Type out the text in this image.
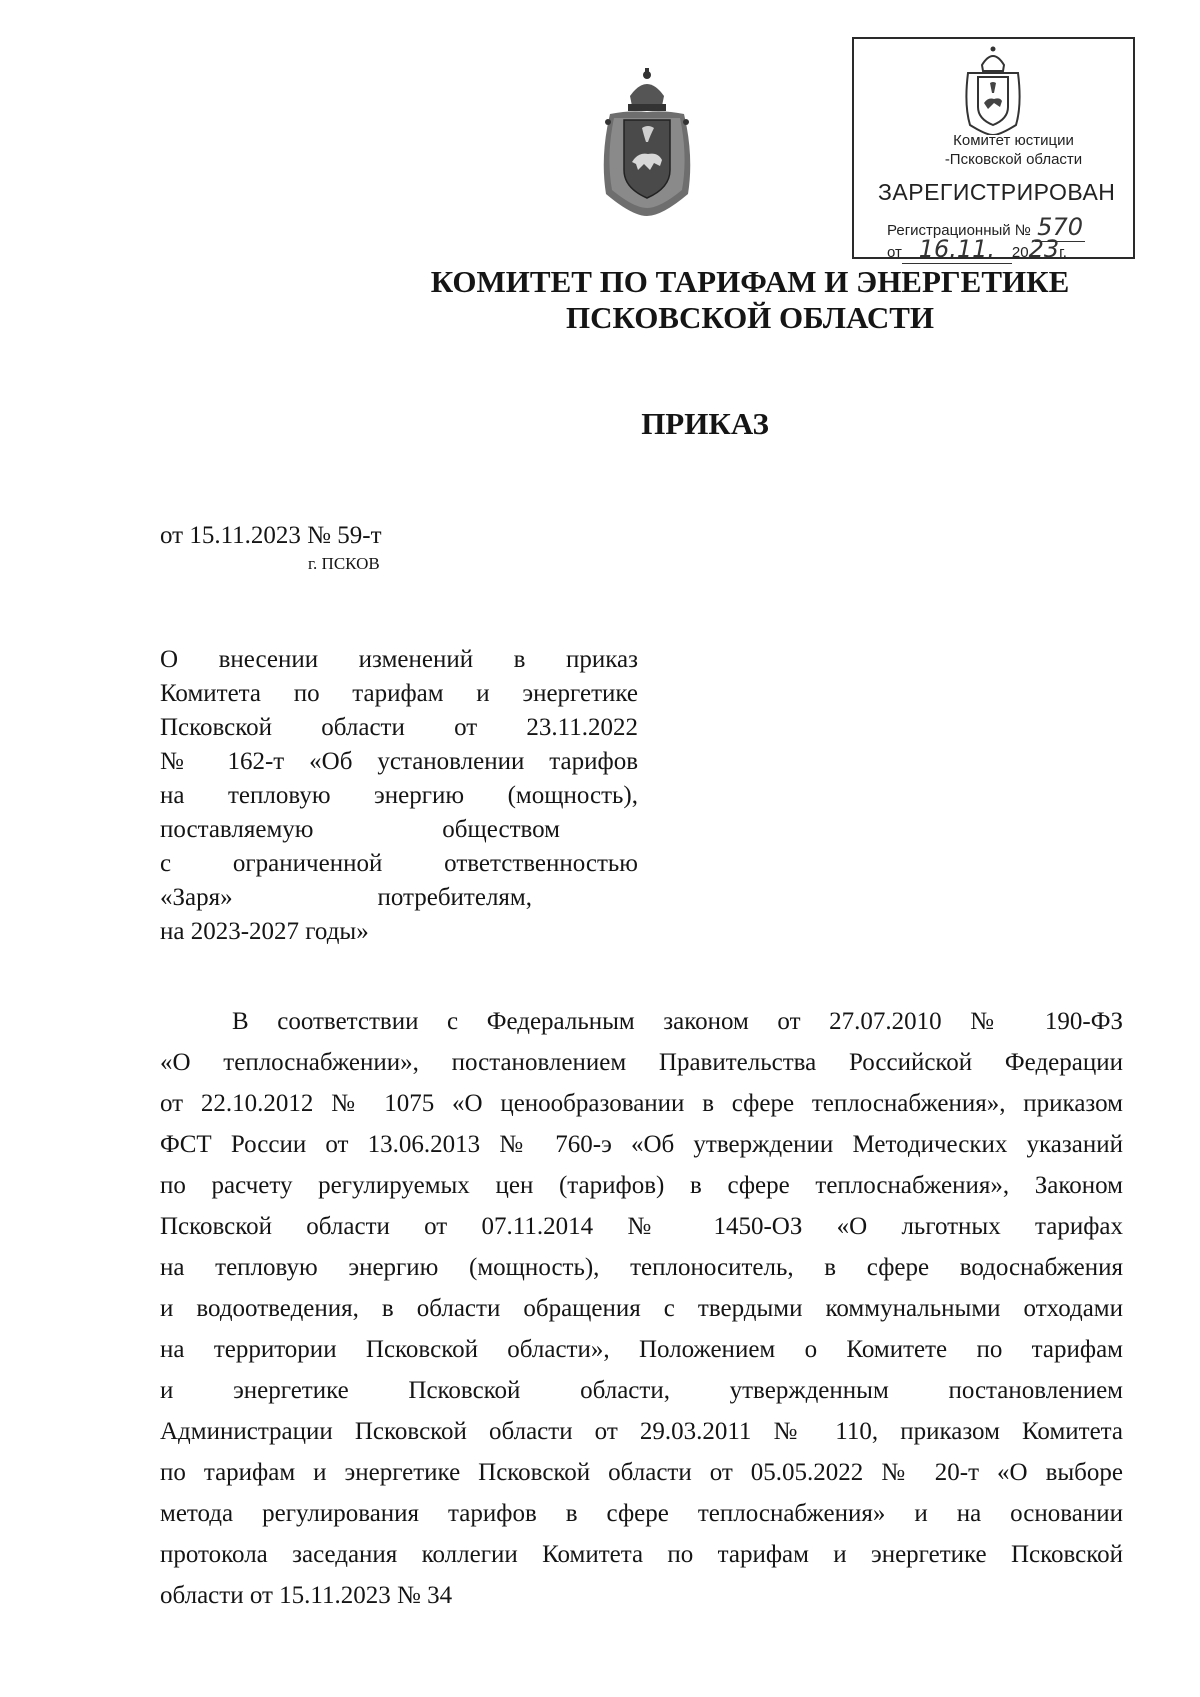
Комитет юстиции
-Псковской области
ЗАРЕГИСТРИРОВАН
Регистрационный № 570
от 16.11. 2023г.
КОМИТЕТ ПО ТАРИФАМ И ЭНЕРГЕТИКЕ
ПСКОВСКОЙ ОБЛАСТИ
ПРИКАЗ
от 15.11.2023 № 59-т
г. ПСКОВ
О внесении изменений в приказ
Комитета по тарифам и энергетике
Псковской области от 23.11.2022
№ 162-т «Об установлении тарифов
на тепловую энергию (мощность),
поставляемую	обществом
с ограниченной ответственностью
«Заря»	потребителям,
на 2023-2027 годы»
В соответствии с Федеральным законом от 27.07.2010 № 190-ФЗ
«О теплоснабжении», постановлением Правительства Российской Федерации
от 22.10.2012 № 1075 «О ценообразовании в сфере теплоснабжения», приказом
ФСТ России от 13.06.2013 № 760-э «Об утверждении Методических указаний
по расчету регулируемых цен (тарифов) в сфере теплоснабжения», Законом
Псковской области от 07.11.2014 № 1450-ОЗ «О льготных тарифах
на тепловую энергию (мощность), теплоноситель, в сфере водоснабжения
и водоотведения, в области обращения с твердыми коммунальными отходами
на территории Псковской области», Положением о Комитете по тарифам
и энергетике Псковской области, утвержденным постановлением
Администрации Псковской области от 29.03.2011 № 110, приказом Комитета
по тарифам и энергетике Псковской области от 05.05.2022 № 20-т «О выборе
метода регулирования тарифов в сфере теплоснабжения» и на основании
протокола заседания коллегии Комитета по тарифам и энергетике Псковской
области от 15.11.2023 № 34
